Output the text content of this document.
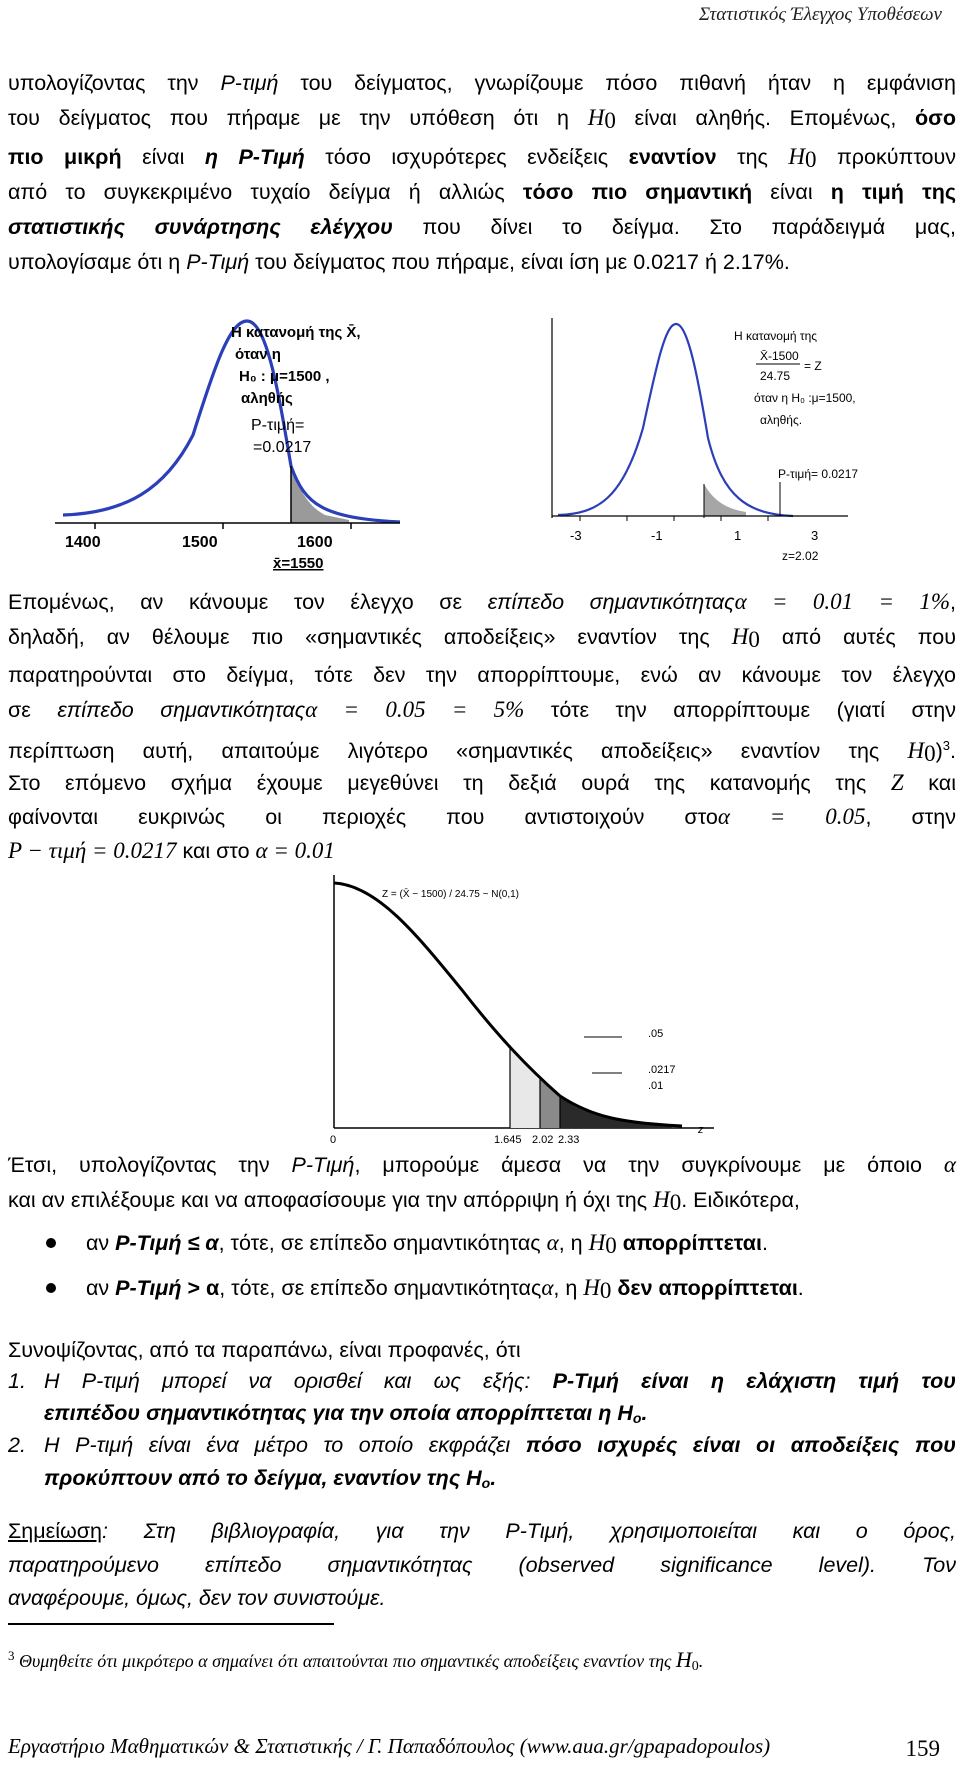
Στατιστικός Έλεγχος Υποθέσεων
υπολογίζοντας την P-τιμή του δείγματος, γνωρίζουμε πόσο πιθανή ήταν η εμφάνιση
του δείγματος που πήραμε με την υπόθεση ότι η $H_0$ είναι αληθής. Επομένως, όσο
πιο μικρή είναι η P-Τιμή τόσο ισχυρότερες ενδείξεις εναντίον της $H_0$ προκύπτουν
από το συγκεκριμένο τυχαίο δείγμα ή αλλιώς τόσο πιο σημαντική είναι η τιμή της
στατιστικής συνάρτησης ελέγχου που δίνει το δείγμα. Στο παράδειγμά μας,
υπολογίσαμε ότι η P-Τιμή του δείγματος που πήραμε, είναι ίση με 0.0217 ή 2.17%.
1400	1500	1600
x̄=1550
Η κατανομή της X̄,
όταν η
H₀ : μ=1500 ,
αληθής
P-τιμή=
=0.0217
-3	-1	1	3
z=2.02
Η κατανομή της
X̄-1500
24.75
= Z
όταν η H₀ :μ=1500,
αληθής.
P-τιμή= 0.0217
Επομένως, αν κάνουμε τον έλεγχο σε επίπεδο σημαντικότηταςα = 0.01 = 1%,
δηλαδή, αν θέλουμε πιο «σημαντικές αποδείξεις» εναντίον της $H_0$ από αυτές που
παρατηρούνται στο δείγμα, τότε δεν την απορρίπτουμε, ενώ αν κάνουμε τον έλεγχο
σε επίπεδο σημαντικότηταςα = 0.05 = 5% τότε την απορρίπτουμε (γιατί στην
περίπτωση αυτή, απαιτούμε λιγότερο «σημαντικές αποδείξεις» εναντίον της $H_0)^3$.
Στο επόμενο σχήμα έχουμε μεγεθύνει τη δεξιά ουρά της κατανομής της Z και
φαίνονται ευκρινώς οι περιοχές που αντιστοιχούν στοα = 0.05, στην
P − τιμή = 0.0217 και στο α = 0.01
Z = (X̄ − 1500) / 24.75 ~ N(0,1)
.05
.0217
.01
0	1.645 2.02 2.33
z
Έτσι, υπολογίζοντας την P-Τιμή, μπορούμε άμεσα να την συγκρίνουμε με όποιο α
και αν επιλέξουμε και να αποφασίσουμε για την απόρριψη ή όχι της $H_0$. Ειδικότερα,
αν P-Τιμή ≤ α, τότε, σε επίπεδο σημαντικότητας α, η $H_0$ απορρίπτεται.
αν P-Τιμή > α, τότε, σε επίπεδο σημαντικότηταςα, η $H_0$ δεν απορρίπτεται.
Συνοψίζοντας, από τα παραπάνω, είναι προφανές, ότι
1. Η P-τιμή μπορεί να ορισθεί και ως εξής: P-Τιμή είναι η ελάχιστη τιμή του
επιπέδου σημαντικότητας για την οποία απορρίπτεται η $H_o$.
2. Η P-τιμή είναι ένα μέτρο το οποίο εκφράζει πόσο ισχυρές είναι οι αποδείξεις που
προκύπτουν από το δείγμα, εναντίον της $H_o$.
Σημείωση: Στη βιβλιογραφία, για την P-Τιμή, χρησιμοποιείται και ο όρος,
παρατηρούμενο επίπεδο σημαντικότητας (observed significance level). Τον
αναφέρουμε, όμως, δεν τον συνιστούμε.
$^3$ Θυμηθείτε ότι μικρότερο α σημαίνει ότι απαιτούνται πιο σημαντικές αποδείξεις εναντίον της $H_0$.
Εργαστήριο Μαθηματικών & Στατιστικής / Γ. Παπαδόπουλος (www.aua.gr/gpapadopoulos)	159
